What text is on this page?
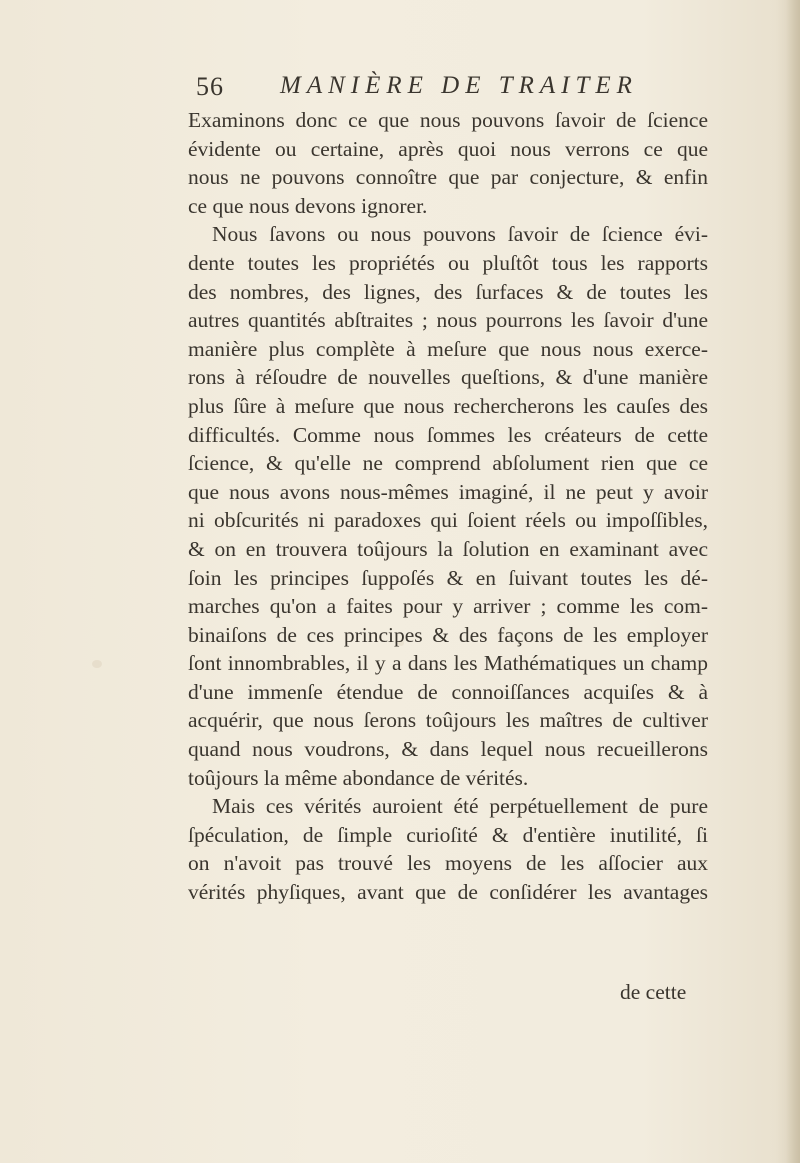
56 MANIÈRE DE TRAITER
Examinons donc ce que nous pouvons ſavoir de ſcience
évidente ou certaine, après quoi nous verrons ce que
nous ne pouvons connoître que par conjecture, & enfin
ce que nous devons ignorer.
Nous ſavons ou nous pouvons ſavoir de ſcience évi-
dente toutes les propriétés ou pluſtôt tous les rapports
des nombres, des lignes, des ſurfaces & de toutes les
autres quantités abſtraites ; nous pourrons les ſavoir d'une
manière plus complète à meſure que nous nous exerce-
rons à réſoudre de nouvelles queſtions, & d'une manière
plus ſûre à meſure que nous rechercherons les cauſes des
difficultés. Comme nous ſommes les créateurs de cette
ſcience, & qu'elle ne comprend abſolument rien que ce
que nous avons nous-mêmes imaginé, il ne peut y avoir
ni obſcurités ni paradoxes qui ſoient réels ou impoſſibles,
& on en trouvera toûjours la ſolution en examinant avec
ſoin les principes ſuppoſés & en ſuivant toutes les dé-
marches qu'on a faites pour y arriver ; comme les com-
binaiſons de ces principes & des façons de les employer
ſont innombrables, il y a dans les Mathématiques un champ
d'une immenſe étendue de connoiſſances acquiſes & à
acquérir, que nous ſerons toûjours les maîtres de cultiver
quand nous voudrons, & dans lequel nous recueillerons
toûjours la même abondance de vérités.
Mais ces vérités auroient été perpétuellement de pure
ſpéculation, de ſimple curioſité & d'entière inutilité, ſi
on n'avoit pas trouvé les moyens de les aſſocier aux
vérités phyſiques, avant que de conſidérer les avantages
de cette
